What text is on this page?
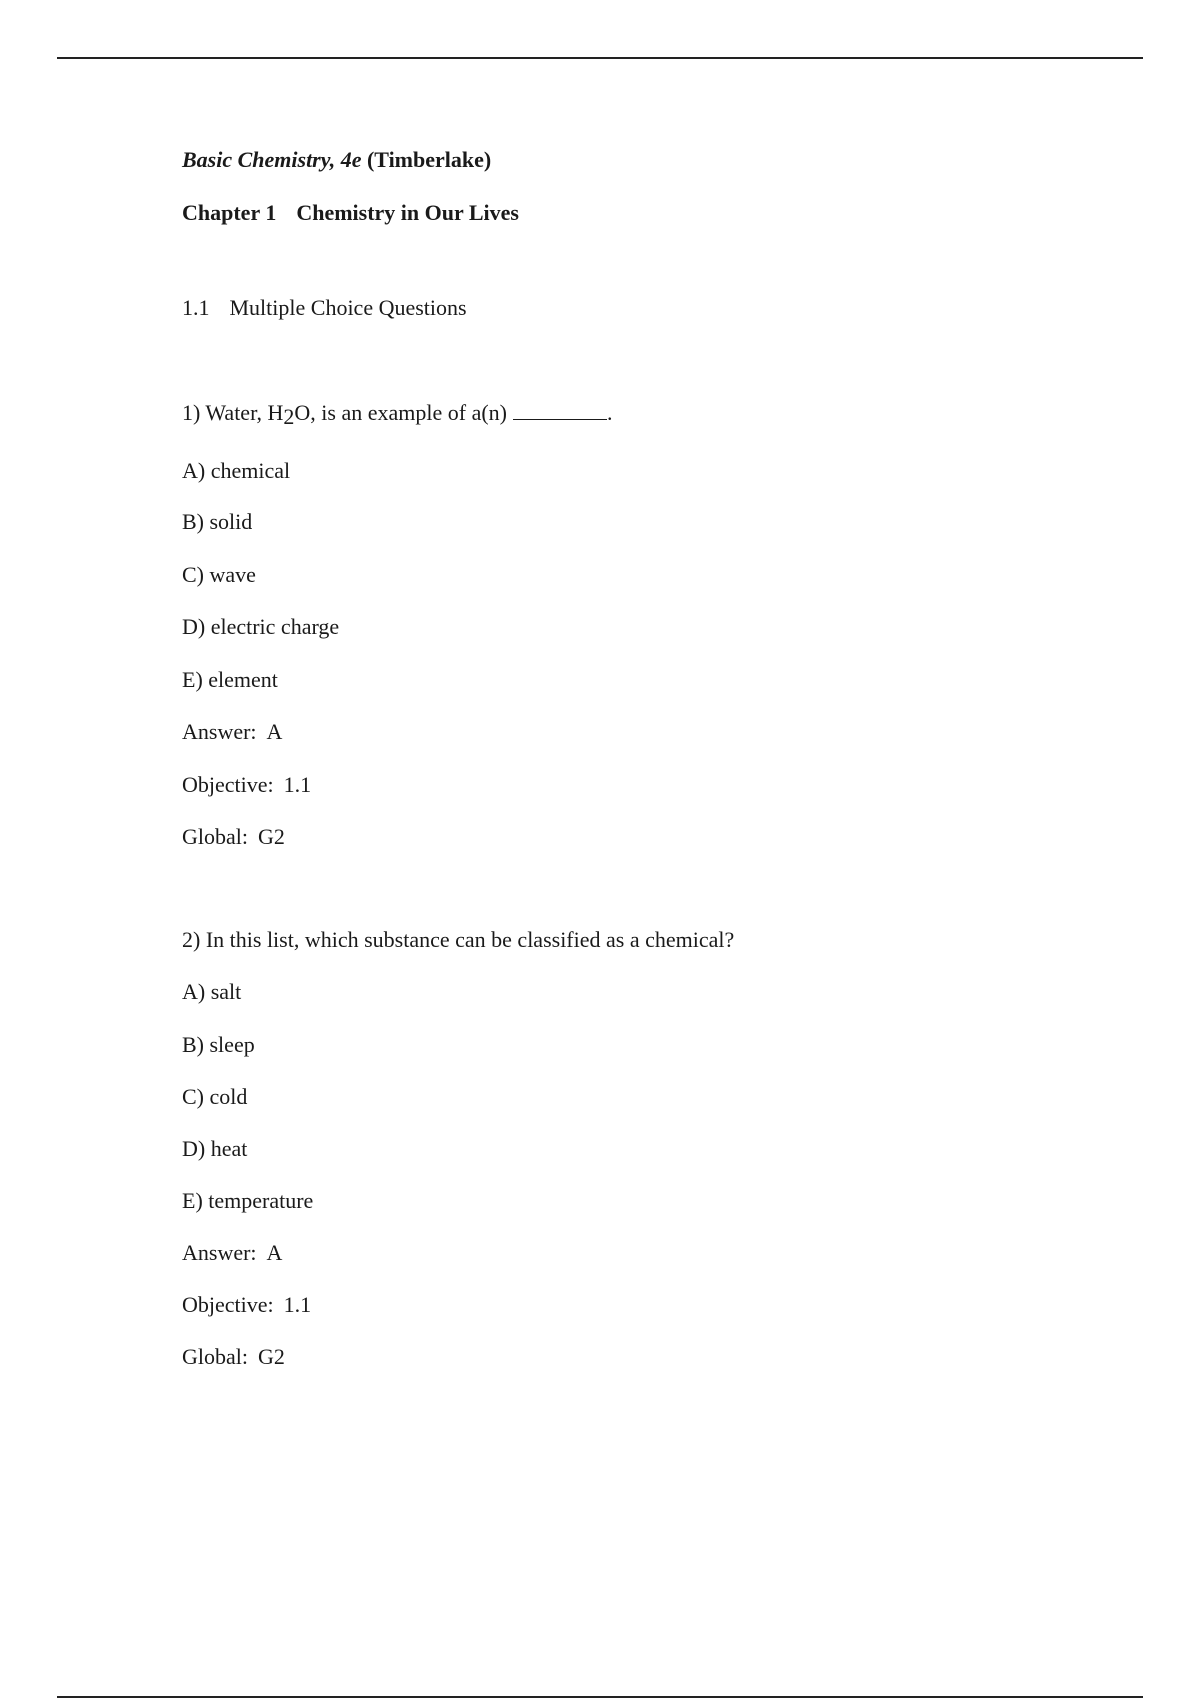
Basic Chemistry, 4e (Timberlake)
Chapter 1 Chemistry in Our Lives
1.1 Multiple Choice Questions
1) Water, H2O, is an example of a(n)	.
A) chemical
B) solid
C) wave
D) electric charge
E) element
Answer: A
Objective: 1.1
Global: G2
2) In this list, which substance can be classified as a chemical?
A) salt
B) sleep
C) cold
D) heat
E) temperature
Answer: A
Objective: 1.1
Global: G2
